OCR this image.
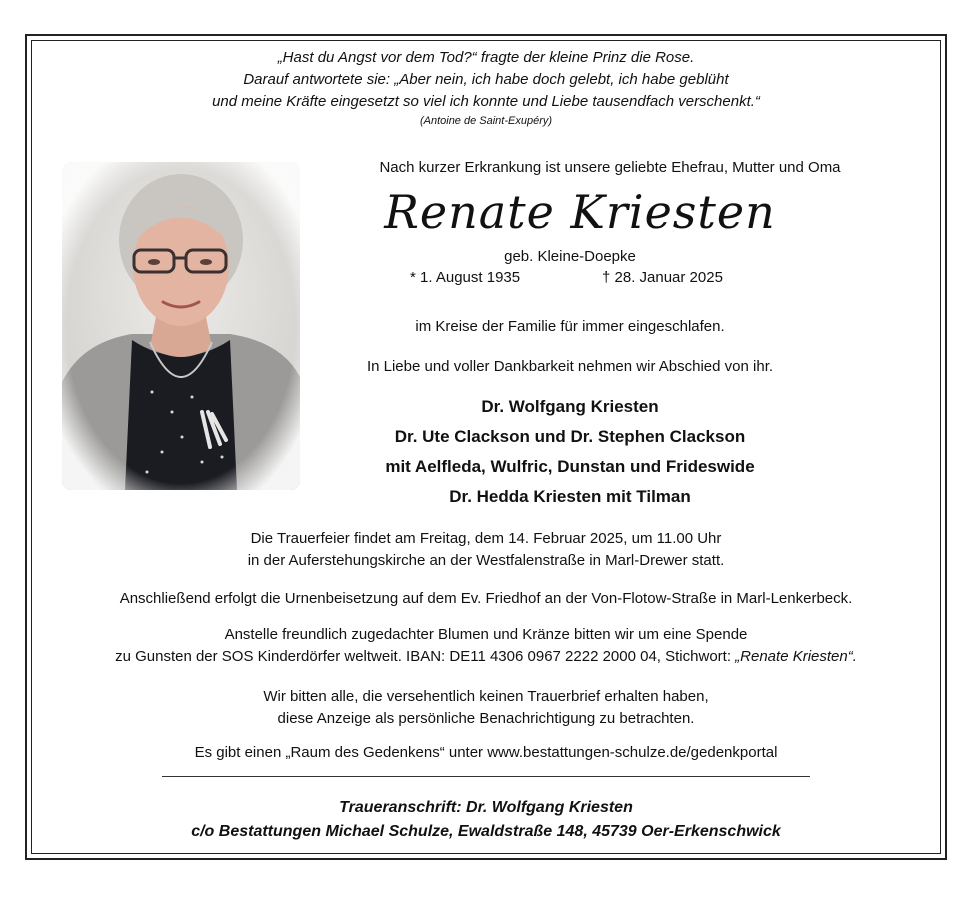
„Hast du Angst vor dem Tod?“ fragte der kleine Prinz die Rose.
Darauf antwortete sie: „Aber nein, ich habe doch gelebt, ich habe geblüht
und meine Kräfte eingesetzt so viel ich konnte und Liebe tausendfach verschenkt.“
(Antoine de Saint-Exupéry)
Nach kurzer Erkrankung ist unsere geliebte Ehefrau, Mutter und Oma
Renate Kriesten
geb. Kleine-Doepke
* 1. August 1935	† 28. Januar 2025
im Kreise der Familie für immer eingeschlafen.
In Liebe und voller Dankbarkeit nehmen wir Abschied von ihr.
Dr. Wolfgang Kriesten
Dr. Ute Clackson und Dr. Stephen Clackson
mit Aelfleda, Wulfric, Dunstan und Frideswide
Dr. Hedda Kriesten mit Tilman
Die Trauerfeier findet am Freitag, dem 14. Februar 2025, um 11.00 Uhr
in der Auferstehungskirche an der Westfalenstraße in Marl-Drewer statt.
Anschließend erfolgt die Urnenbeisetzung auf dem Ev. Friedhof an der Von-Flotow-Straße in Marl-Lenkerbeck.
Anstelle freundlich zugedachter Blumen und Kränze bitten wir um eine Spende
zu Gunsten der SOS Kinderdörfer weltweit. IBAN: DE11 4306 0967 2222 2000 04, Stichwort: „Renate Kriesten“.
Wir bitten alle, die versehentlich keinen Trauerbrief erhalten haben,
diese Anzeige als persönliche Benachrichtigung zu betrachten.
Es gibt einen „Raum des Gedenkens“ unter www.bestattungen-schulze.de/gedenkportal
Traueranschrift: Dr. Wolfgang Kriesten
c/o Bestattungen Michael Schulze, Ewaldstraße 148, 45739 Oer-Erkenschwick
